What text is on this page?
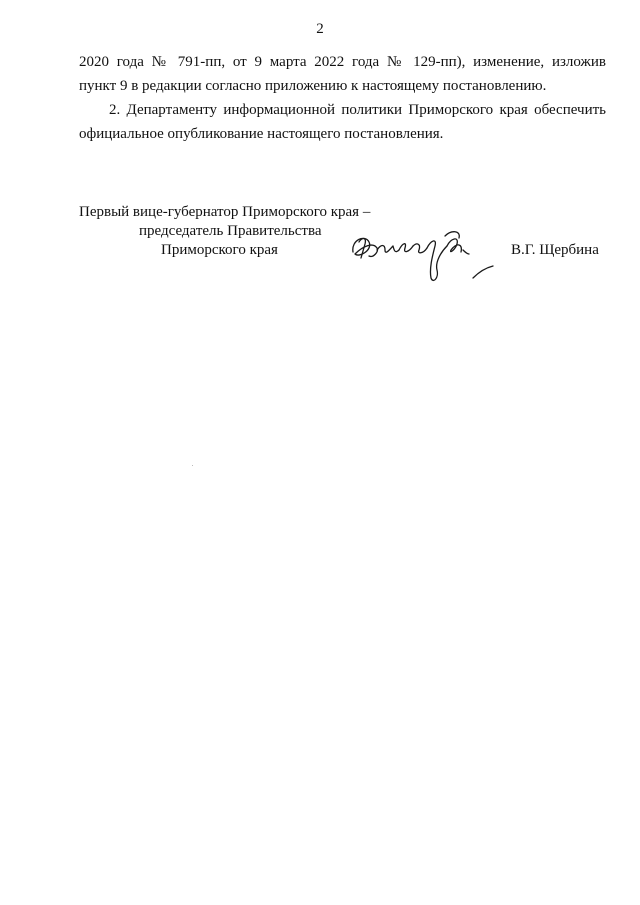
2

2020 года № 791-пп, от 9 марта 2022 года № 129-пп), изменение, изложив

пункт 9 в редакции согласно приложению к настоящему постановлению.

2. Департаменту информационной политики Приморского края обеспечить официальное опубликование настоящего постановления.

Первый вице-губернатор Приморского края –
председатель Правительства
Приморского края	В.Г. Щербина
